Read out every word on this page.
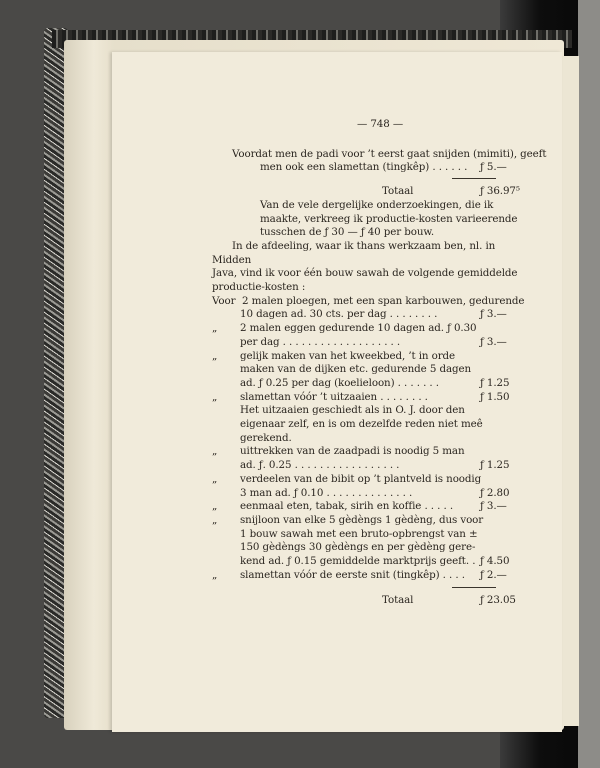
— 748 —
Voordat men de padi voor ’t eerst gaat snijden (mimiti), geeft
men ook een slamettan (tingkêp) . . . . . .	ƒ 5.—
Totaal	ƒ 36.97⁵
Van de vele dergelijke onderzoekingen, die ik
maakte, verkreeg ik productie-kosten varieerende
tusschen de ƒ 30 — ƒ 40 per bouw.
In de afdeeling, waar ik thans werkzaam ben, nl. in Midden
Java, vind ik voor één bouw sawah de volgende gemiddelde
productie-kosten :
Voor 2 malen ploegen, met een span karbouwen, gedurende
10 dagen ad. 30 cts. per dag . . . . . . . .	ƒ 3.—
„	2 malen eggen gedurende 10 dagen ad. ƒ 0.30
per dag . . . . . . . . . . . . . . . . . . .	ƒ 3.—
„	gelijk maken van het kweekbed, ’t in orde
maken van de dijken etc. gedurende 5 dagen
ad. ƒ 0.25 per dag (koelieloon) . . . . . . .	ƒ 1.25
„	slamettan vóór ’t uitzaaien . . . . . . . .	ƒ 1.50
Het uitzaaien geschiedt als in O. J. door den
eigenaar zelf, en is om dezelfde reden niet meê
gerekend.
„	uittrekken van de zaadpadi is noodig 5 man
ad. ƒ. 0.25 . . . . . . . . . . . . . . . . .	ƒ 1.25
„	verdeelen van de bibit op ’t plantveld is noodig
3 man ad. ƒ 0.10 . . . . . . . . . . . . . .	ƒ 2.80
„	eenmaal eten, tabak, sirih en koffie . . . . .	ƒ 3.—
„	snijloon van elke 5 gèdèngs 1 gèdèng, dus voor
1 bouw sawah met een bruto-opbrengst van ±
150 gèdèngs 30 gèdèngs en per gèdèng gere-
kend ad. ƒ 0.15 gemiddelde marktprijs geeft. . ƒ 4.50
„	slamettan vóór de eerste snit (tingkêp) . . . .	ƒ 2.—
Totaal	ƒ 23.05
